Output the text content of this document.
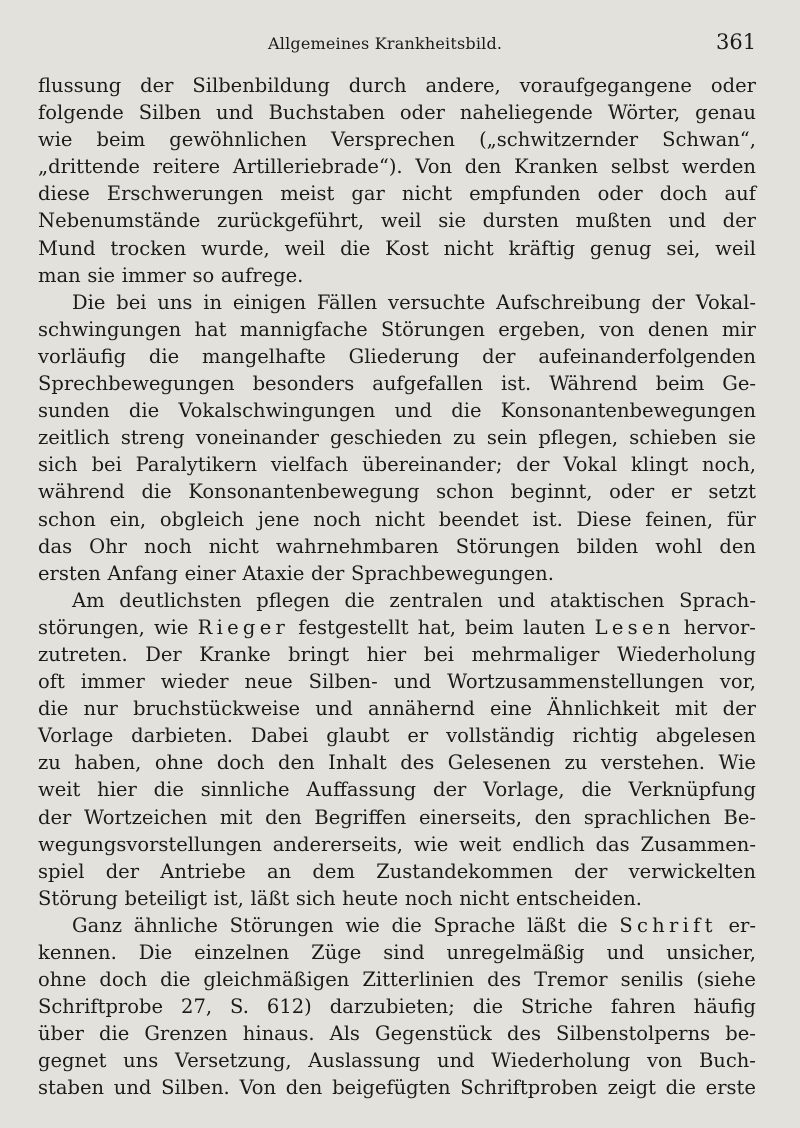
Allgemeines Krankheitsbild.	361
flussung der Silbenbildung durch andere, voraufgegangene oder
folgende Silben und Buchstaben oder naheliegende Wörter, genau
wie beim gewöhnlichen Versprechen („schwitzernder Schwan“,
„drittende reitere Artilleriebrade“). Von den Kranken selbst werden
diese Erschwerungen meist gar nicht empfunden oder doch auf
Nebenumstände zurückgeführt, weil sie dursten mußten und der
Mund trocken wurde, weil die Kost nicht kräftig genug sei, weil
man sie immer so aufrege.
Die bei uns in einigen Fällen versuchte Aufschreibung der Vokal-
schwingungen hat mannigfache Störungen ergeben, von denen mir
vorläufig die mangelhafte Gliederung der aufeinanderfolgenden
Sprechbewegungen besonders aufgefallen ist. Während beim Ge-
sunden die Vokalschwingungen und die Konsonantenbewegungen
zeitlich streng voneinander geschieden zu sein pflegen, schieben sie
sich bei Paralytikern vielfach übereinander; der Vokal klingt noch,
während die Konsonantenbewegung schon beginnt, oder er setzt
schon ein, obgleich jene noch nicht beendet ist. Diese feinen, für
das Ohr noch nicht wahrnehmbaren Störungen bilden wohl den
ersten Anfang einer Ataxie der Sprachbewegungen.
Am deutlichsten pflegen die zentralen und ataktischen Sprach-
störungen, wie Rieger festgestellt hat, beim lauten Lesen hervor-
zutreten. Der Kranke bringt hier bei mehrmaliger Wiederholung
oft immer wieder neue Silben- und Wortzusammenstellungen vor,
die nur bruchstückweise und annähernd eine Ähnlichkeit mit der
Vorlage darbieten. Dabei glaubt er vollständig richtig abgelesen
zu haben, ohne doch den Inhalt des Gelesenen zu verstehen. Wie
weit hier die sinnliche Auffassung der Vorlage, die Verknüpfung
der Wortzeichen mit den Begriffen einerseits, den sprachlichen Be-
wegungsvorstellungen andererseits, wie weit endlich das Zusammen-
spiel der Antriebe an dem Zustandekommen der verwickelten
Störung beteiligt ist, läßt sich heute noch nicht entscheiden.
Ganz ähnliche Störungen wie die Sprache läßt die Schrift er-
kennen. Die einzelnen Züge sind unregelmäßig und unsicher,
ohne doch die gleichmäßigen Zitterlinien des Tremor senilis (siehe
Schriftprobe 27, S. 612) darzubieten; die Striche fahren häufig
über die Grenzen hinaus. Als Gegenstück des Silbenstolperns be-
gegnet uns Versetzung, Auslassung und Wiederholung von Buch-
staben und Silben. Von den beigefügten Schriftproben zeigt die erste
